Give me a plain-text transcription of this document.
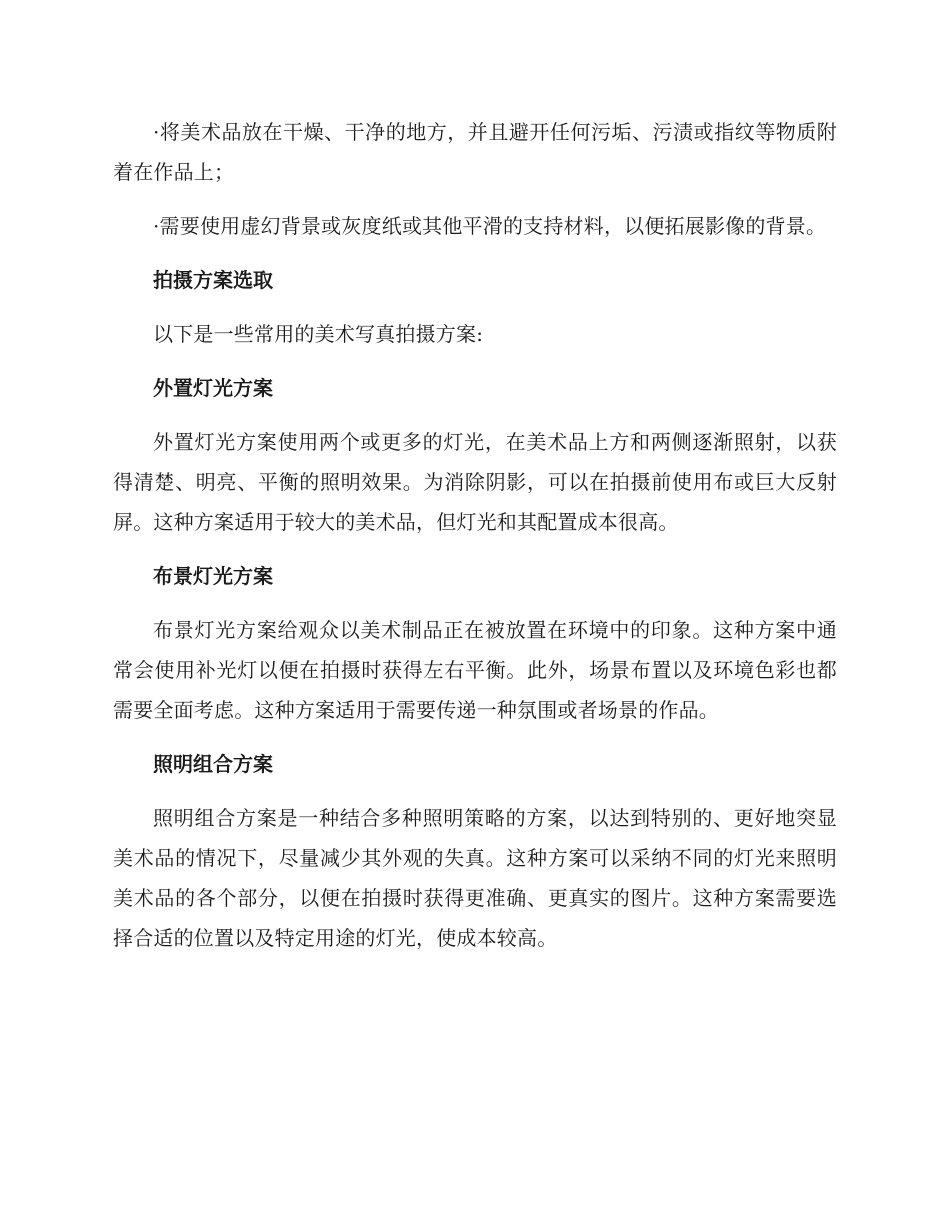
·将美术品放在干燥、干净的地方，并且避开任何污垢、污渍或指纹等物质附着在作品上；

·需要使用虚幻背景或灰度纸或其他平滑的支持材料，以便拓展影像的背景。

拍摄方案选取

以下是一些常用的美术写真拍摄方案:

外置灯光方案

外置灯光方案使用两个或更多的灯光，在美术品上方和两侧逐渐照射，以获得清楚、明亮、平衡的照明效果。为消除阴影，可以在拍摄前使用布或巨大反射屏。这种方案适用于较大的美术品，但灯光和其配置成本很高。

布景灯光方案

布景灯光方案给观众以美术制品正在被放置在环境中的印象。这种方案中通常会使用补光灯以便在拍摄时获得左右平衡。此外，场景布置以及环境色彩也都需要全面考虑。这种方案适用于需要传递一种氛围或者场景的作品。

照明组合方案

照明组合方案是一种结合多种照明策略的方案，以达到特别的、更好地突显美术品的情况下，尽量减少其外观的失真。这种方案可以采纳不同的灯光来照明美术品的各个部分，以便在拍摄时获得更准确、更真实的图片。这种方案需要选择合适的位置以及特定用途的灯光，使成本较高。
